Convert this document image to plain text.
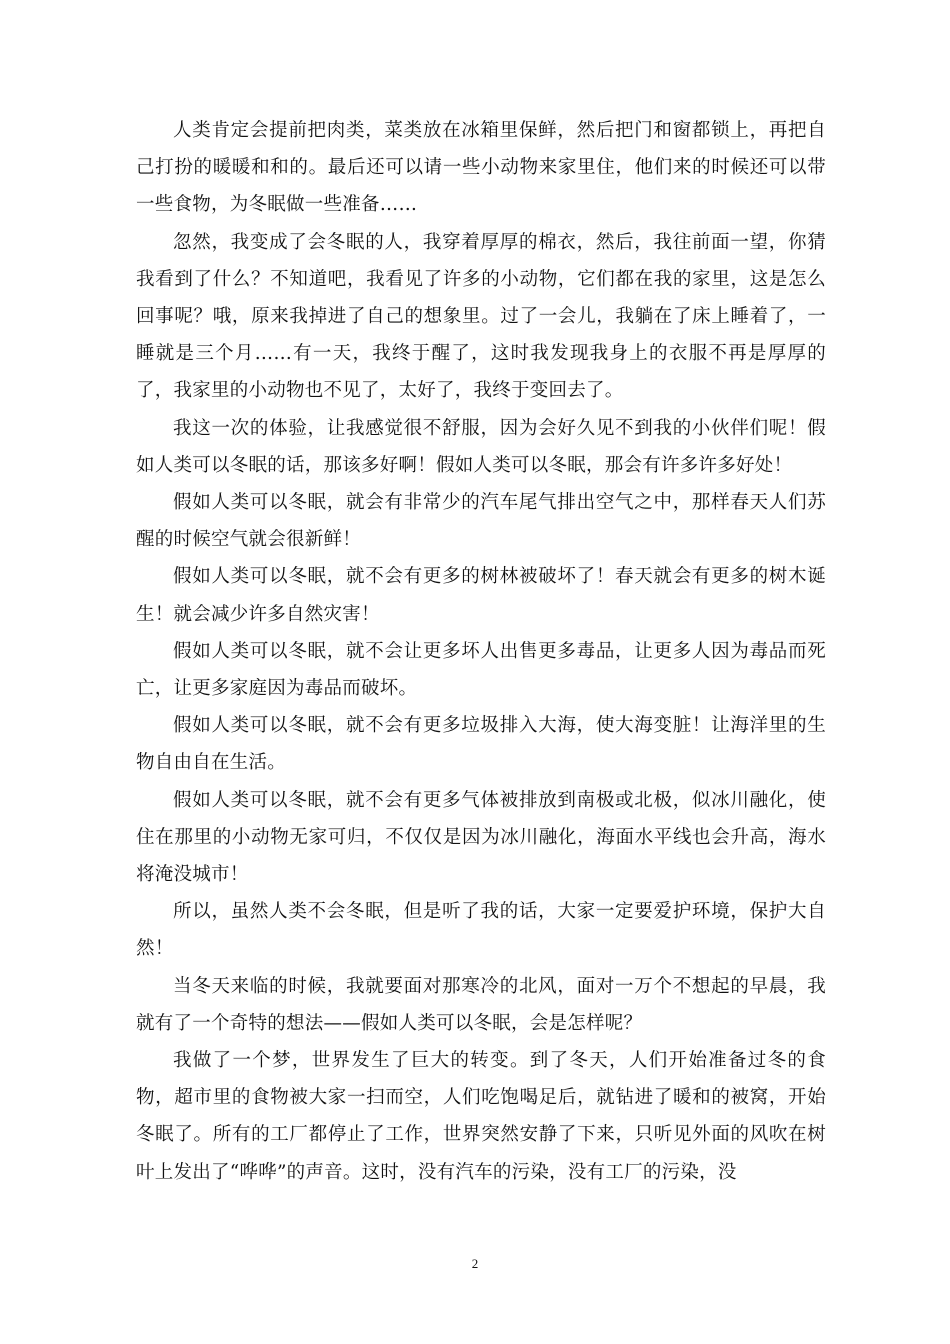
人类肯定会提前把肉类，菜类放在冰箱里保鲜，然后把门和窗都锁上，再把自己打扮的暖暖和和的。最后还可以请一些小动物来家里住，他们来的时候还可以带一些食物，为冬眠做一些准备……

忽然，我变成了会冬眠的人，我穿着厚厚的棉衣，然后，我往前面一望，你猜我看到了什么？不知道吧，我看见了许多的小动物，它们都在我的家里，这是怎么回事呢？哦，原来我掉进了自己的想象里。过了一会儿，我躺在了床上睡着了，一睡就是三个月……有一天，我终于醒了，这时我发现我身上的衣服不再是厚厚的了，我家里的小动物也不见了，太好了，我终于变回去了。

我这一次的体验，让我感觉很不舒服，因为会好久见不到我的小伙伴们呢！假如人类可以冬眠的话，那该多好啊！假如人类可以冬眠，那会有许多许多好处！

假如人类可以冬眠，就会有非常少的汽车尾气排出空气之中，那样春天人们苏醒的时候空气就会很新鲜！

假如人类可以冬眠，就不会有更多的树林被破坏了！春天就会有更多的树木诞生！就会减少许多自然灾害！

假如人类可以冬眠，就不会让更多坏人出售更多毒品，让更多人因为毒品而死亡，让更多家庭因为毒品而破坏。

假如人类可以冬眠，就不会有更多垃圾排入大海，使大海变脏！让海洋里的生物自由自在生活。

假如人类可以冬眠，就不会有更多气体被排放到南极或北极，似冰川融化，使住在那里的小动物无家可归，不仅仅是因为冰川融化，海面水平线也会升高，海水将淹没城市！

所以，虽然人类不会冬眠，但是听了我的话，大家一定要爱护环境，保护大自然！

当冬天来临的时候，我就要面对那寒冷的北风，面对一万个不想起的早晨，我就有了一个奇特的想法——假如人类可以冬眠，会是怎样呢？

我做了一个梦，世界发生了巨大的转变。到了冬天，人们开始准备过冬的食物，超市里的食物被大家一扫而空，人们吃饱喝足后，就钻进了暖和的被窝，开始冬眠了。所有的工厂都停止了工作，世界突然安静了下来，只听见外面的风吹在树叶上发出了“哗哗”的声音。这时，没有汽车的污染，没有工厂的污染，没

2
